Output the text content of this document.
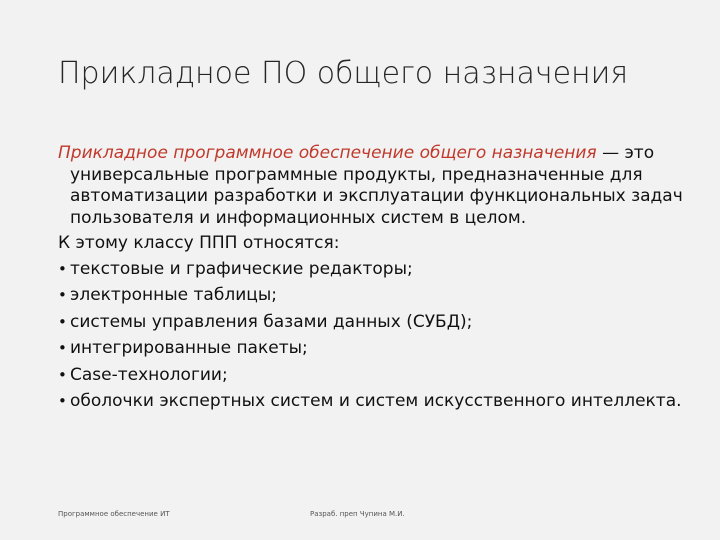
Прикладное ПО общего назначения
Прикладное программное обеспечение общего назначения — это универсальные программные продукты, предназначенные для автоматизации разработки и эксплуатации функциональных задач пользователя и информационных систем в целом.
К этому классу ППП относятся:
• текстовые и графические редакторы;
• электронные таблицы;
• системы управления базами данных (СУБД);
• интегрированные пакеты;
• Case-технологии;
• оболочки экспертных систем и систем искусственного интеллекта.
Программное обеспечение ИТ	Разраб. преп Чупина М.И.
